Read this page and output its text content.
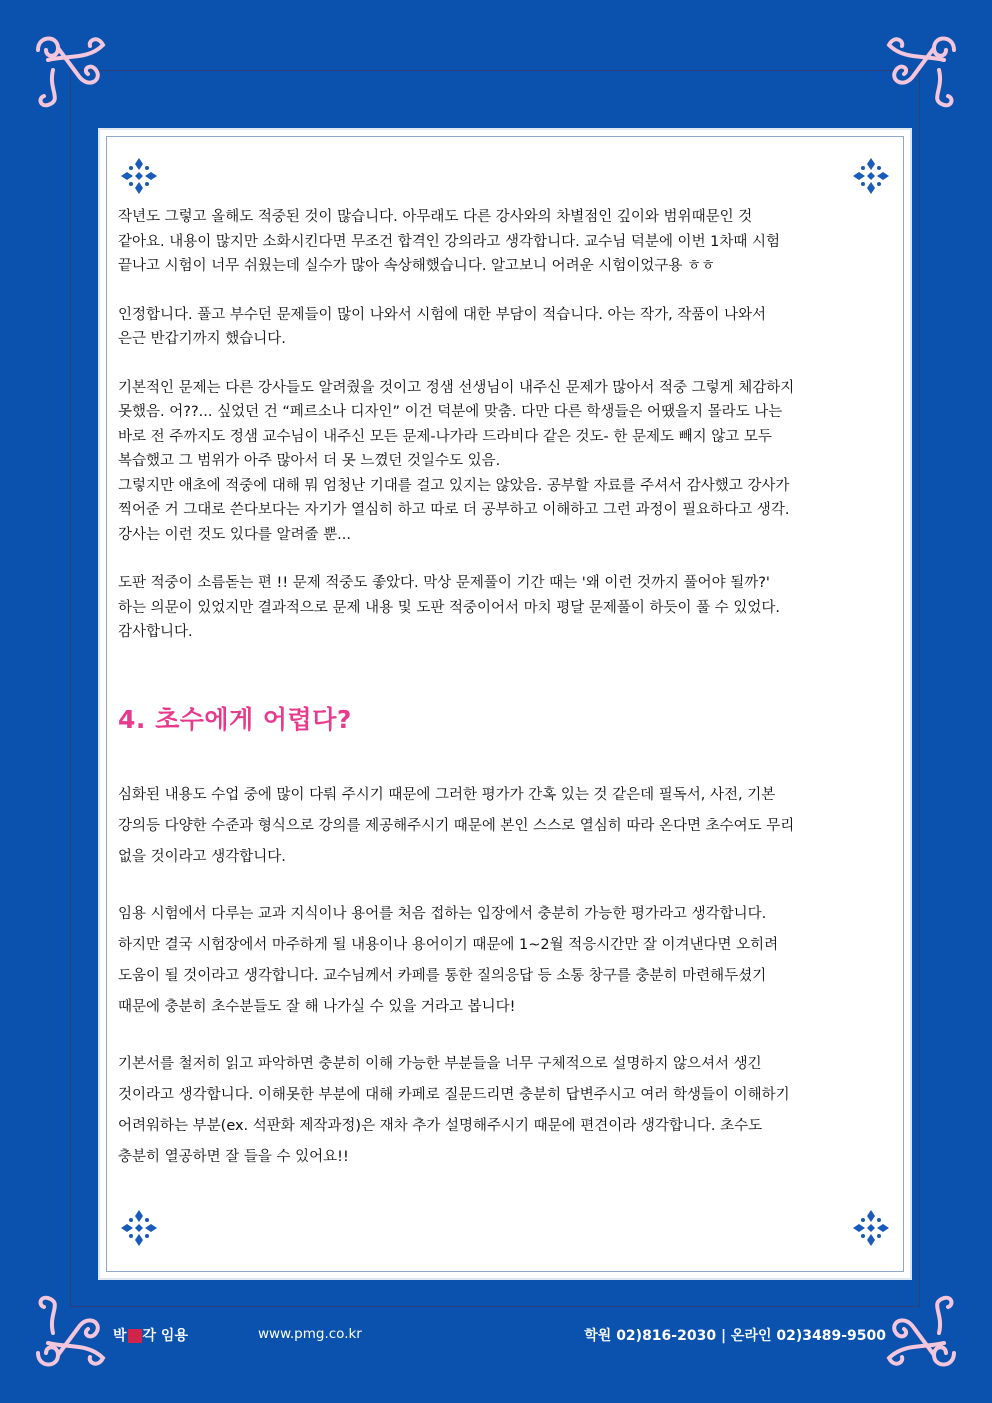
작년도 그렇고 올해도 적중된 것이 많습니다. 아무래도 다른 강사와의 차별점인 깊이와 범위때문인 것
같아요. 내용이 많지만 소화시킨다면 무조건 합격인 강의라고 생각합니다. 교수님 덕분에 이번 1차때 시험
끝나고 시험이 너무 쉬웠는데 실수가 많아 속상해했습니다. 알고보니 어려운 시험이었구용 ㅎㅎ

인정합니다. 풀고 부수던 문제들이 많이 나와서 시험에 대한 부담이 적습니다. 아는 작가, 작품이 나와서
은근 반갑기까지 했습니다.

기본적인 문제는 다른 강사들도 알려줬을 것이고 정샘 선생님이 내주신 문제가 많아서 적중 그렇게 체감하지
못했음. 어??... 싶었던 건 “페르소나 디자인” 이건 덕분에 맞춤. 다만 다른 학생들은 어땠을지 몰라도 나는
바로 전 주까지도 정샘 교수님이 내주신 모든 문제-나가라 드라비다 같은 것도- 한 문제도 빼지 않고 모두
복습했고 그 범위가 아주 많아서 더 못 느꼈던 것일수도 있음.
그렇지만 애초에 적중에 대해 뭐 엄청난 기대를 걸고 있지는 않았음. 공부할 자료를 주셔서 감사했고 강사가
찍어준 거 그대로 쓴다보다는 자기가 열심히 하고 따로 더 공부하고 이해하고 그런 과정이 필요하다고 생각.
강사는 이런 것도 있다를 알려줄 뿐...

도판 적중이 소름돋는 편 !! 문제 적중도 좋았다. 막상 문제풀이 기간 때는 '왜 이런 것까지 풀어야 될까?'
하는 의문이 있었지만 결과적으로 문제 내용 및 도판 적중이어서 마치 평달 문제풀이 하듯이 풀 수 있었다.
감사합니다.

4. 초수에게 어렵다?

심화된 내용도 수업 중에 많이 다뤄 주시기 때문에 그러한 평가가 간혹 있는 것 같은데 필독서, 사전, 기본
강의등 다양한 수준과 형식으로 강의를 제공해주시기 때문에 본인 스스로 열심히 따라 온다면 초수여도 무리
없을 것이라고 생각합니다.

임용 시험에서 다루는 교과 지식이나 용어를 처음 접하는 입장에서 충분히 가능한 평가라고 생각합니다.
하지만 결국 시험장에서 마주하게 될 내용이나 용어이기 때문에 1~2월 적응시간만 잘 이겨낸다면 오히려
도움이 될 것이라고 생각합니다. 교수님께서 카페를 통한 질의응답 등 소통 창구를 충분히 마련해두셨기
때문에 충분히 초수분들도 잘 해 나가실 수 있을 거라고 봅니다!

기본서를 철저히 읽고 파악하면 충분히 이해 가능한 부분들을 너무 구체적으로 설명하지 않으셔서 생긴
것이라고 생각합니다. 이해못한 부분에 대해 카페로 질문드리면 충분히 답변주시고 여러 학생들이 이해하기
어려워하는 부분(ex. 석판화 제작과정)은 재차 추가 설명해주시기 때문에 편견이라 생각합니다. 초수도
충분히 열공하면 잘 들을 수 있어요!!

박 각 임용	www.pmg.co.kr	학원 02)816-2030 | 온라인 02)3489-9500
